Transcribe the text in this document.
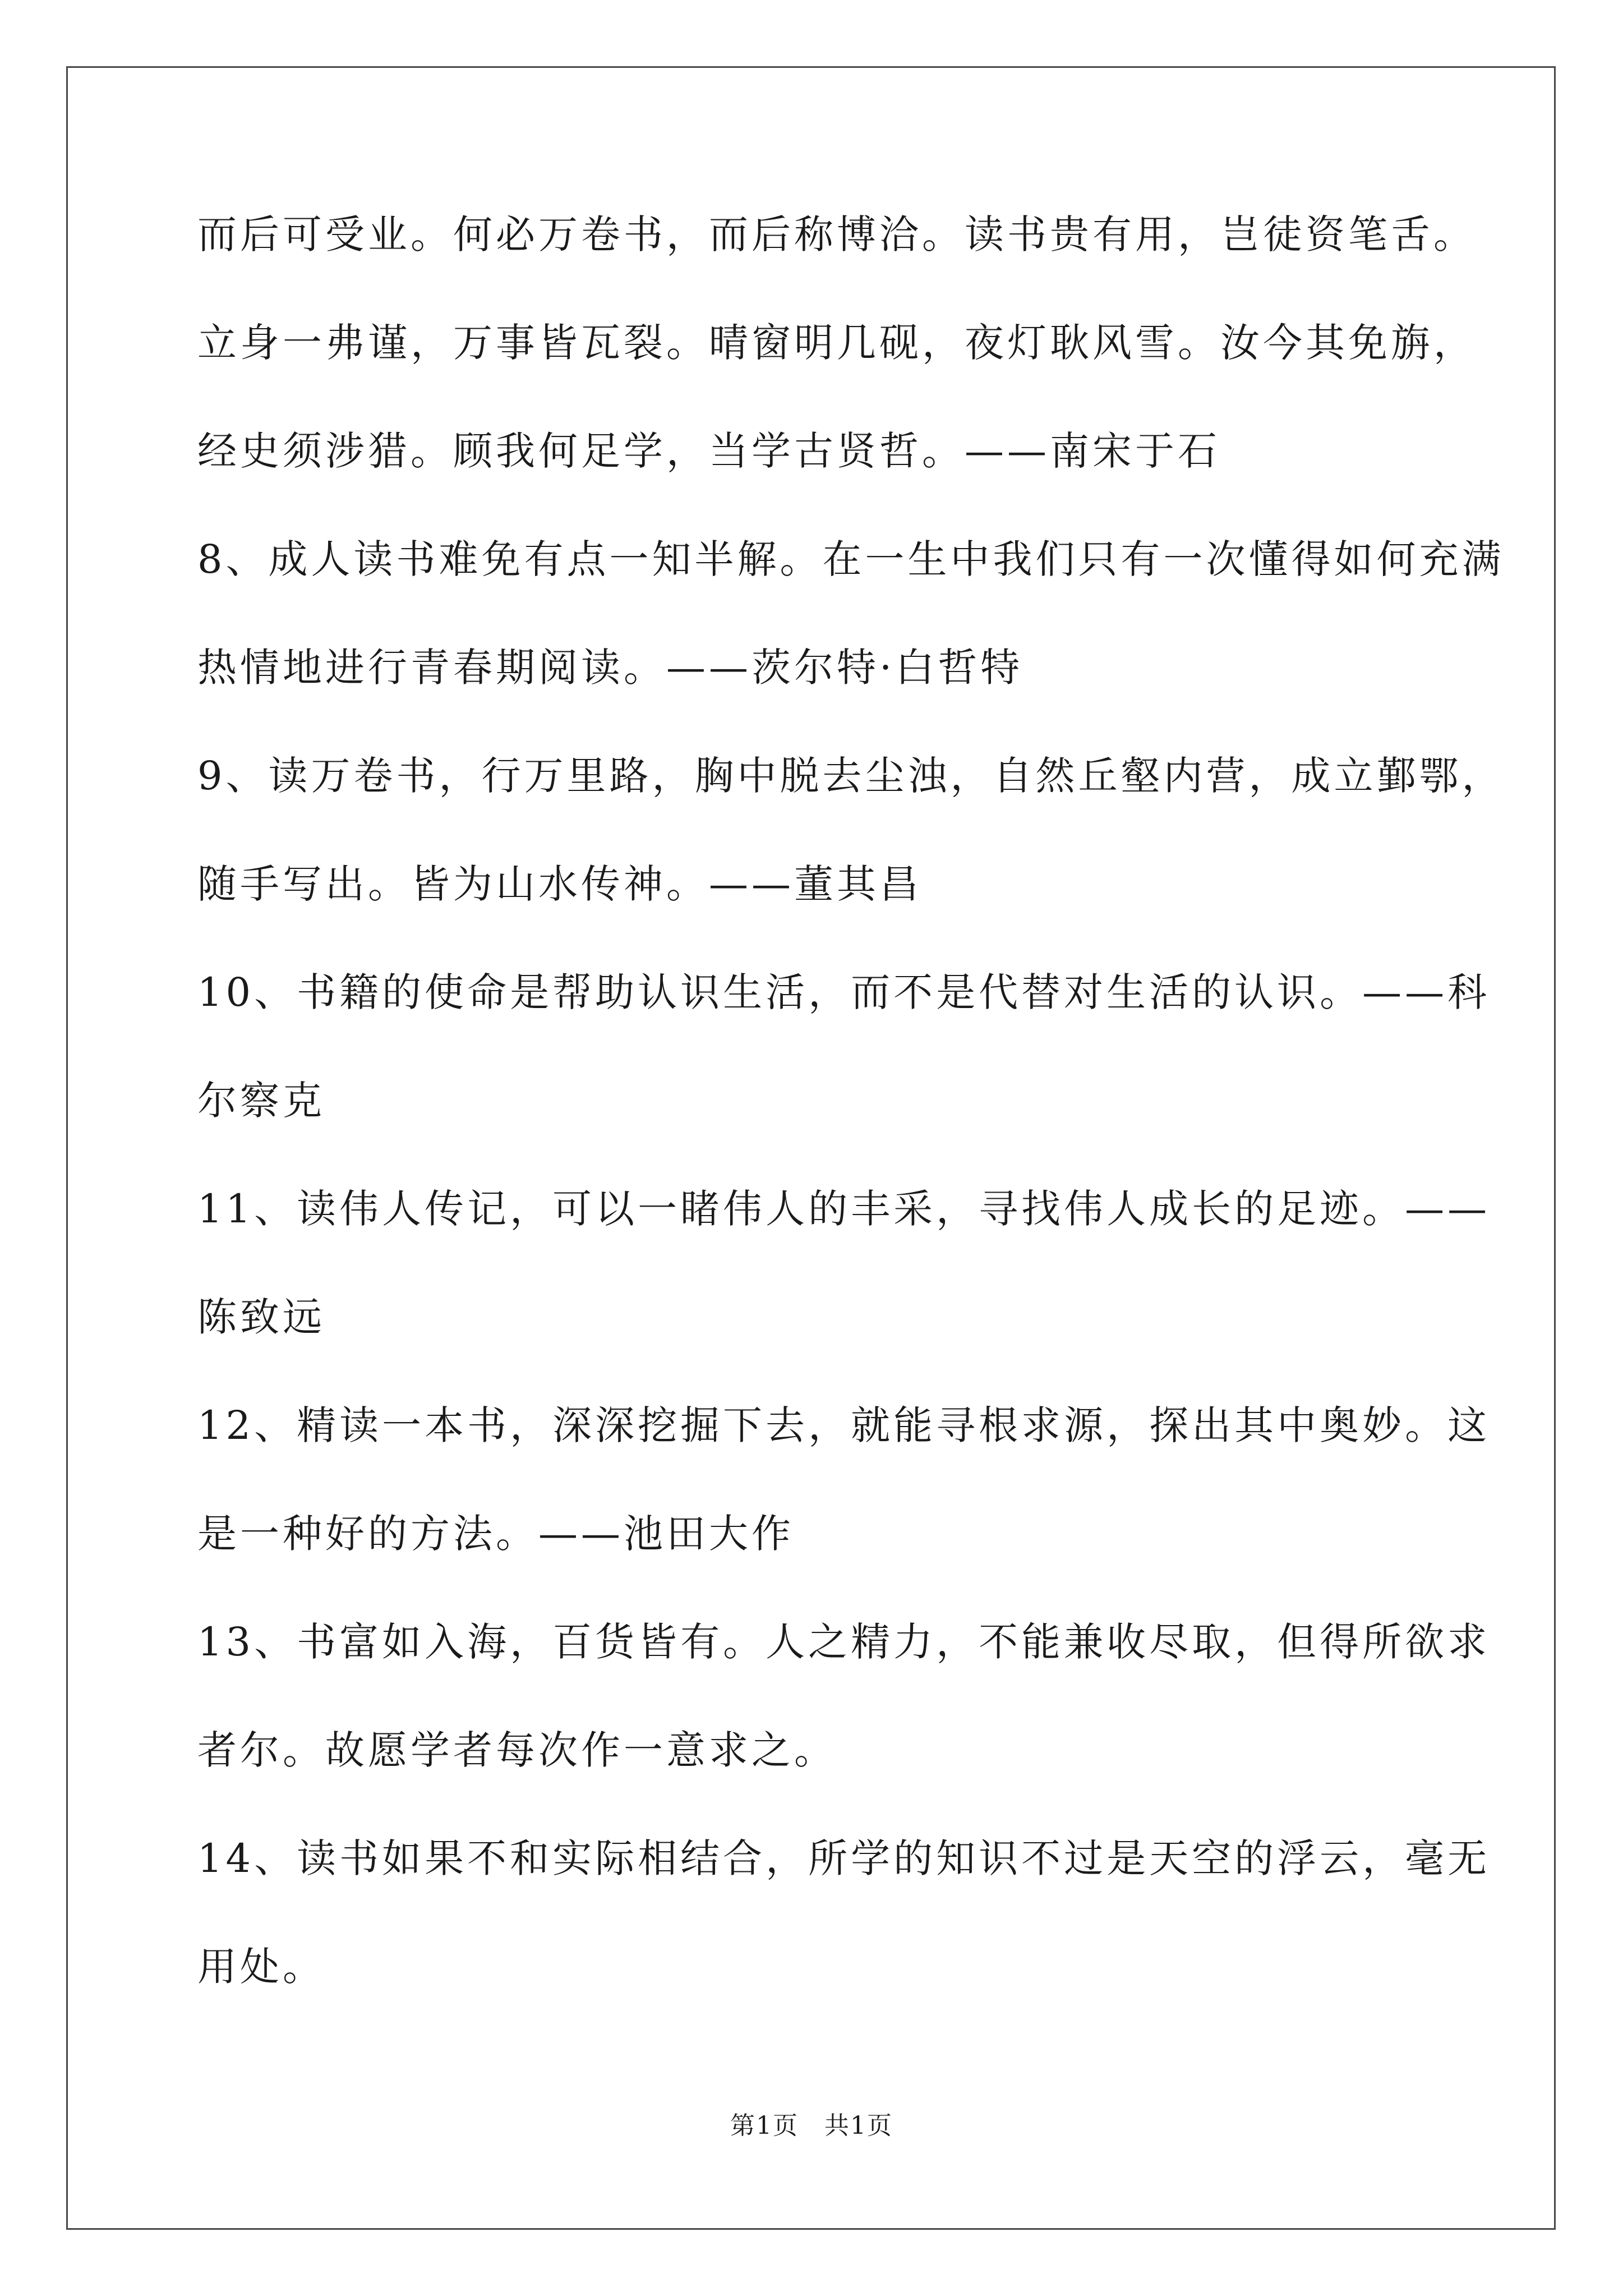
而后可受业。何必万卷书，而后称博洽。读书贵有用，岂徒资笔舌。
立身一弗谨，万事皆瓦裂。晴窗明几砚，夜灯耿风雪。汝今其免旃，
经史须涉猎。顾我何足学，当学古贤哲。——南宋于石
8、成人读书难免有点一知半解。在一生中我们只有一次懂得如何充满
热情地进行青春期阅读。——茨尔特·白哲特
9、读万卷书，行万里路，胸中脱去尘浊，自然丘壑内营，成立鄞鄂，
随手写出。皆为山水传神。——董其昌
10、书籍的使命是帮助认识生活，而不是代替对生活的认识。——科
尔察克
11、读伟人传记，可以一睹伟人的丰采，寻找伟人成长的足迹。——
陈致远
12、精读一本书，深深挖掘下去，就能寻根求源，探出其中奥妙。这
是一种好的方法。——池田大作
13、书富如入海，百货皆有。人之精力，不能兼收尽取，但得所欲求
者尔。故愿学者每次作一意求之。
14、读书如果不和实际相结合，所学的知识不过是天空的浮云，毫无
用处。
第1页　共1页
